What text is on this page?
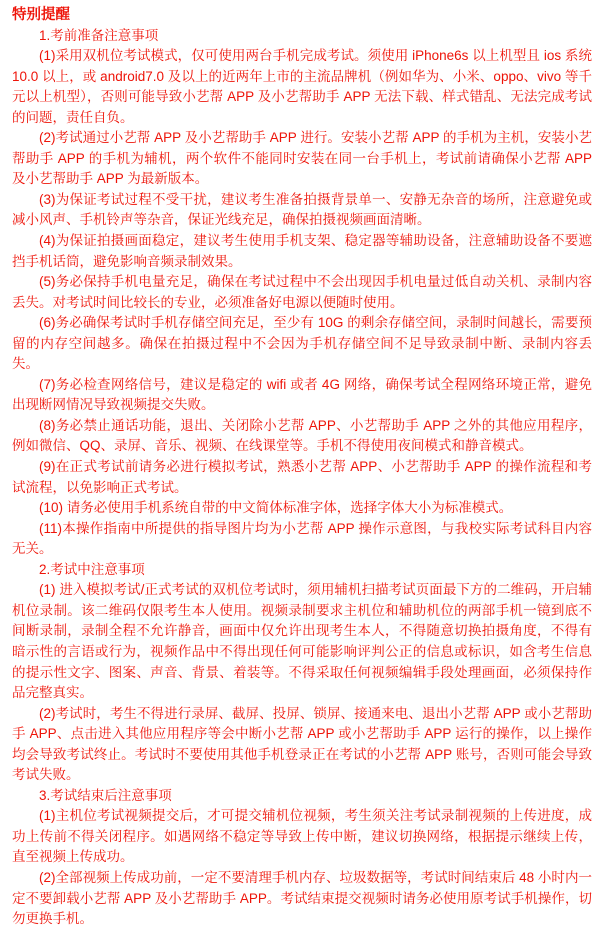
特别提醒

1.考前准备注意事项

(1)采用双机位考试模式，仅可使用两台手机完成考试。须使用 iPhone6s 以上机型且 ios 系统 10.0 以上，或 android7.0 及以上的近两年上市的主流品牌机（例如华为、小米、oppo、vivo 等千元以上机型），否则可能导致小艺帮 APP 及小艺帮助手 APP 无法下载、样式错乱、无法完成考试的问题，责任自负。

(2)考试通过小艺帮 APP 及小艺帮助手 APP 进行。安装小艺帮 APP 的手机为主机，安装小艺帮助手 APP 的手机为辅机，两个软件不能同时安装在同一台手机上，考试前请确保小艺帮 APP 及小艺帮助手 APP 为最新版本。

(3)为保证考试过程不受干扰，建议考生准备拍摄背景单一、安静无杂音的场所，注意避免或减小风声、手机铃声等杂音，保证光线充足，确保拍摄视频画面清晰。

(4)为保证拍摄画面稳定，建议考生使用手机支架、稳定器等辅助设备，注意辅助设备不要遮挡手机话筒，避免影响音频录制效果。

(5)务必保持手机电量充足，确保在考试过程中不会出现因手机电量过低自动关机、录制内容丢失。对考试时间比较长的专业，必须准备好电源以便随时使用。

(6)务必确保考试时手机存储空间充足，至少有 10G 的剩余存储空间，录制时间越长，需要预留的内存空间越多。确保在拍摄过程中不会因为手机存储空间不足导致录制中断、录制内容丢失。

(7)务必检查网络信号，建议是稳定的 wifi 或者 4G 网络，确保考试全程网络环境正常，避免出现断网情况导致视频提交失败。

(8)务必禁止通话功能，退出、关闭除小艺帮 APP、小艺帮助手 APP 之外的其他应用程序，例如微信、QQ、录屏、音乐、视频、在线课堂等。手机不得使用夜间模式和静音模式。

(9)在正式考试前请务必进行模拟考试，熟悉小艺帮 APP、小艺帮助手 APP 的操作流程和考试流程，以免影响正式考试。

(10) 请务必使用手机系统自带的中文简体标准字体，选择字体大小为标准模式。

(11)本操作指南中所提供的指导图片均为小艺帮 APP 操作示意图，与我校实际考试科目内容无关。

2.考试中注意事项

(1) 进入模拟考试/正式考试的双机位考试时，须用辅机扫描考试页面最下方的二维码，开启辅机位录制。该二维码仅限考生本人使用。视频录制要求主机位和辅助机位的两部手机一镜到底不间断录制，录制全程不允许静音，画面中仅允许出现考生本人，不得随意切换拍摄角度，不得有暗示性的言语或行为，视频作品中不得出现任何可能影响评判公正的信息或标识，如含考生信息的提示性文字、图案、声音、背景、着装等。不得采取任何视频编辑手段处理画面，必须保持作品完整真实。

(2)考试时，考生不得进行录屏、截屏、投屏、锁屏、接通来电、退出小艺帮 APP 或小艺帮助手 APP、点击进入其他应用程序等会中断小艺帮 APP 或小艺帮助手 APP 运行的操作，以上操作均会导致考试终止。考试时不要使用其他手机登录正在考试的小艺帮 APP 账号，否则可能会导致考试失败。

3.考试结束后注意事项

(1)主机位考试视频提交后，才可提交辅机位视频，考生须关注考试录制视频的上传进度，成功上传前不得关闭程序。如遇网络不稳定等导致上传中断，建议切换网络，根据提示继续上传，直至视频上传成功。

(2)全部视频上传成功前，一定不要清理手机内存、垃圾数据等，考试时间结束后 48 小时内一定不要卸载小艺帮 APP 及小艺帮助手 APP。考试结束提交视频时请务必使用原考试手机操作，切勿更换手机。
